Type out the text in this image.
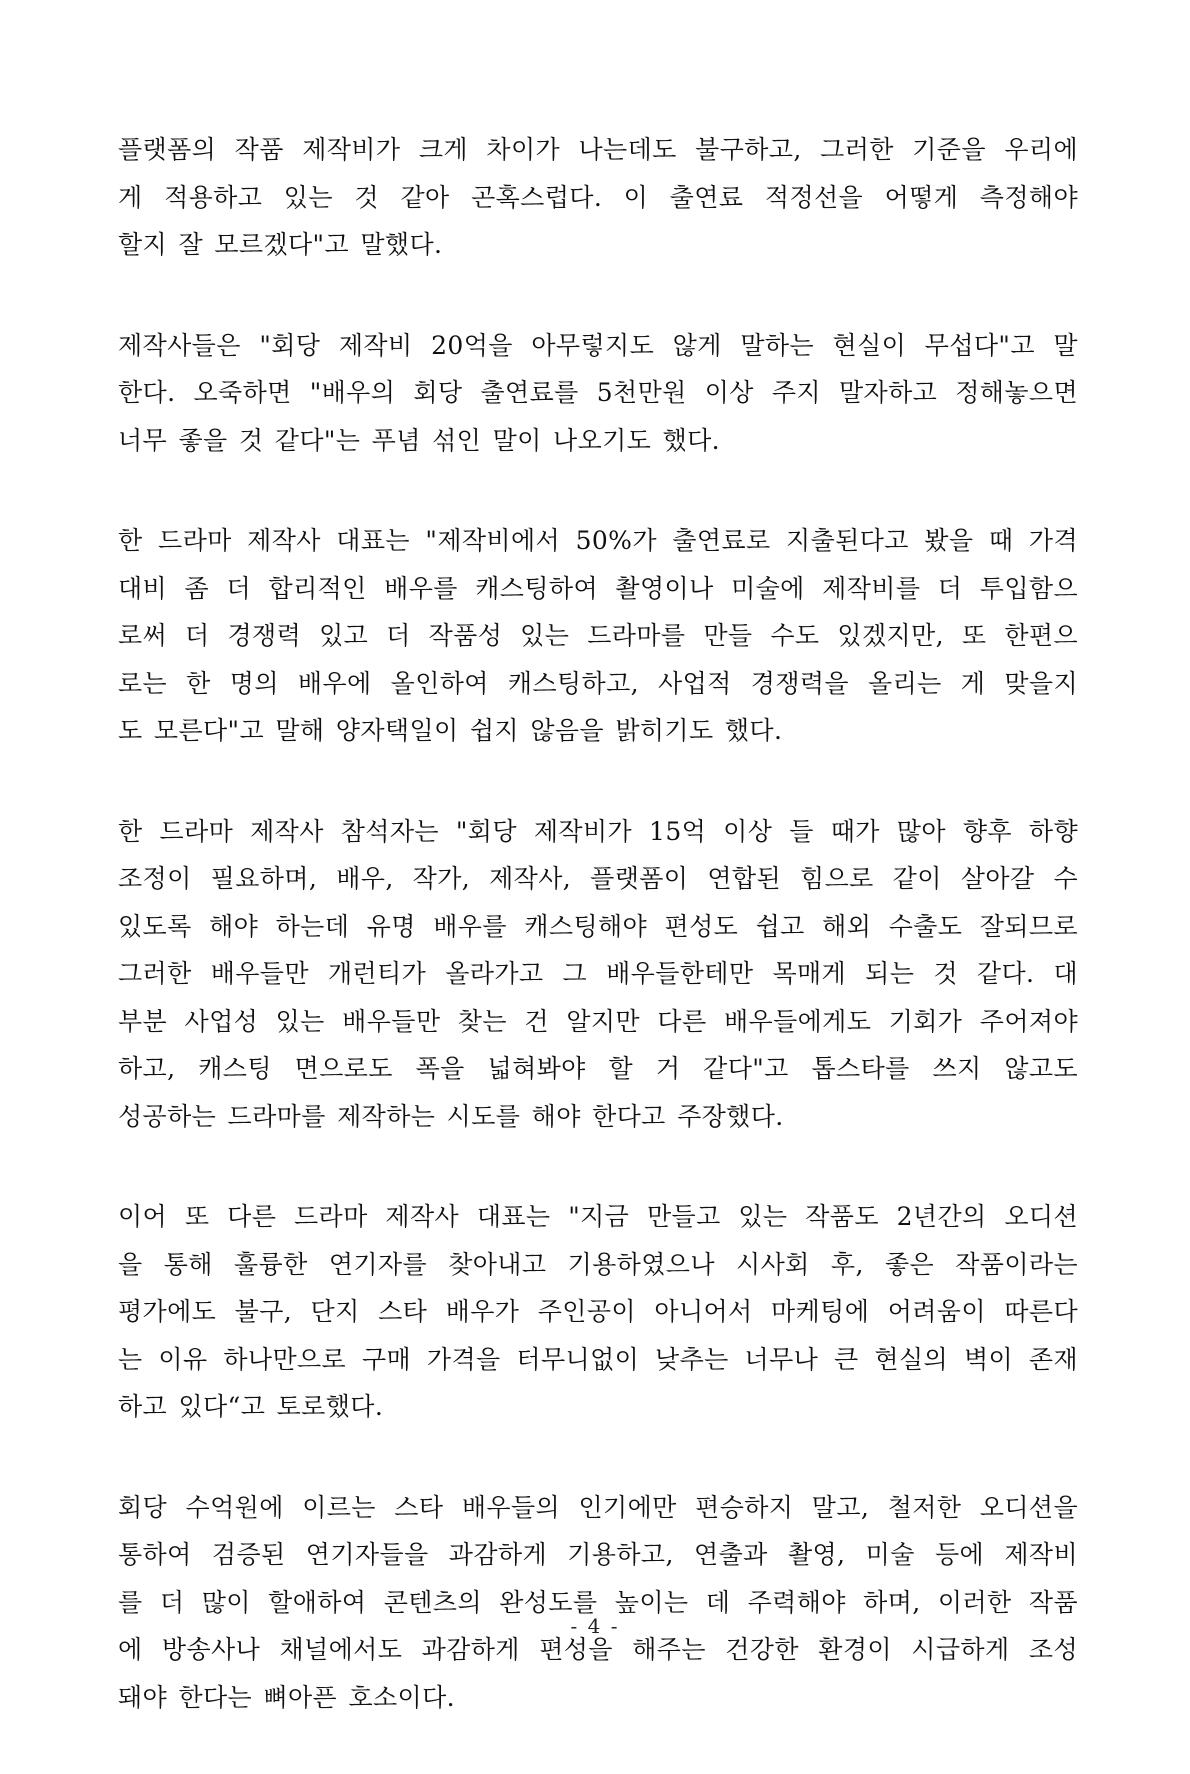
플랫폼의 작품 제작비가 크게 차이가 나는데도 불구하고, 그러한 기준을 우리에
게 적용하고 있는 것 같아 곤혹스럽다. 이 출연료 적정선을 어떻게 측정해야
할지 잘 모르겠다"고 말했다.

제작사들은 "회당 제작비 20억을 아무렇지도 않게 말하는 현실이 무섭다"고 말
한다. 오죽하면 "배우의 회당 출연료를 5천만원 이상 주지 말자하고 정해놓으면
너무 좋을 것 같다"는 푸념 섞인 말이 나오기도 했다.

한 드라마 제작사 대표는 "제작비에서 50%가 출연료로 지출된다고 봤을 때 가격
대비 좀 더 합리적인 배우를 캐스팅하여 촬영이나 미술에 제작비를 더 투입함으
로써 더 경쟁력 있고 더 작품성 있는 드라마를 만들 수도 있겠지만, 또 한편으
로는 한 명의 배우에 올인하여 캐스팅하고, 사업적 경쟁력을 올리는 게 맞을지
도 모른다"고 말해 양자택일이 쉽지 않음을 밝히기도 했다.

한 드라마 제작사 참석자는 "회당 제작비가 15억 이상 들 때가 많아 향후 하향
조정이 필요하며, 배우, 작가, 제작사, 플랫폼이 연합된 힘으로 같이 살아갈 수
있도록 해야 하는데 유명 배우를 캐스팅해야 편성도 쉽고 해외 수출도 잘되므로
그러한 배우들만 개런티가 올라가고 그 배우들한테만 목매게 되는 것 같다. 대
부분 사업성 있는 배우들만 찾는 건 알지만 다른 배우들에게도 기회가 주어져야
하고, 캐스팅 면으로도 폭을 넓혀봐야 할 거 같다"고 톱스타를 쓰지 않고도
성공하는 드라마를 제작하는 시도를 해야 한다고 주장했다.

이어 또 다른 드라마 제작사 대표는 "지금 만들고 있는 작품도 2년간의 오디션
을 통해 훌륭한 연기자를 찾아내고 기용하였으나 시사회 후, 좋은 작품이라는
평가에도 불구, 단지 스타 배우가 주인공이 아니어서 마케팅에 어려움이 따른다
는 이유 하나만으로 구매 가격을 터무니없이 낮추는 너무나 큰 현실의 벽이 존재
하고 있다“고 토로했다.

회당 수억원에 이르는 스타 배우들의 인기에만 편승하지 말고, 철저한 오디션을
통하여 검증된 연기자들을 과감하게 기용하고, 연출과 촬영, 미술 등에 제작비
를 더 많이 할애하여 콘텐츠의 완성도를 높이는 데 주력해야 하며, 이러한 작품
에 방송사나 채널에서도 과감하게 편성을 해주는 건강한 환경이 시급하게 조성
돼야 한다는 뼈아픈 호소이다.

- 4 -
